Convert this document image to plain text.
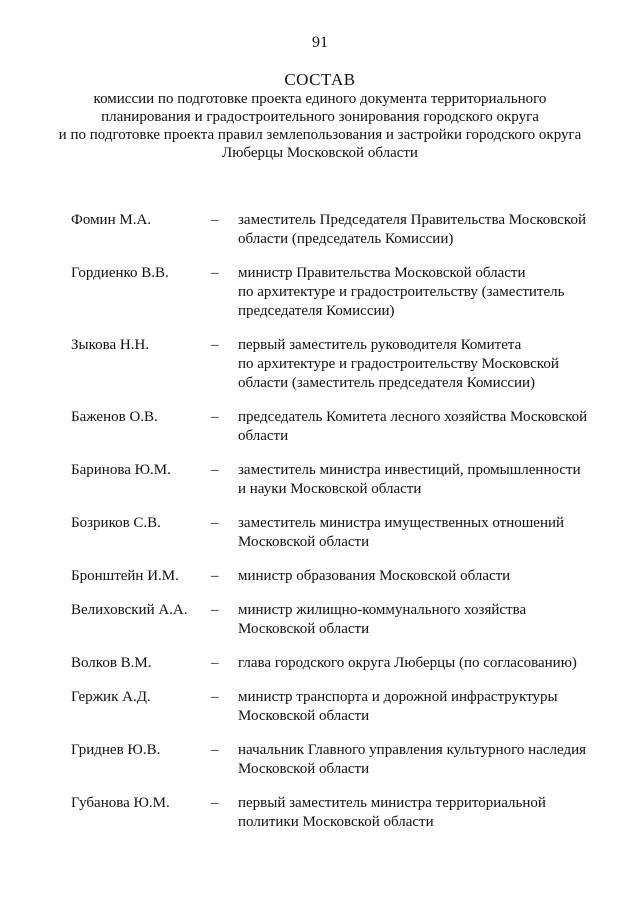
91
СОСТАВ
комиссии по подготовке проекта единого документа территориального
планирования и градостроительного зонирования городского округа
и по подготовке проекта правил землепользования и застройки городского округа
Люберцы Московской области
Фомин М.А.	–	заместитель Председателя Правительства Московской
области (председатель Комиссии)
Гордиенко В.В.	–	министр Правительства Московской области
по архитектуре и градостроительству (заместитель
председателя Комиссии)
Зыкова Н.Н.	–	первый заместитель руководителя Комитета
по архитектуре и градостроительству Московской
области (заместитель председателя Комиссии)
Баженов О.В.	–	председатель Комитета лесного хозяйства Московской
области
Баринова Ю.М.	–	заместитель министра инвестиций, промышленности
и науки Московской области
Бозриков С.В.	–	заместитель министра имущественных отношений
Московской области
Бронштейн И.М.	–	министр образования Московской области
Велиховский А.А.	–	министр жилищно-коммунального хозяйства
Московской области
Волков В.М.	–	глава городского округа Люберцы (по согласованию)
Гержик А.Д.	–	министр транспорта и дорожной инфраструктуры
Московской области
Гриднев Ю.В.	–	начальник Главного управления культурного наследия
Московской области
Губанова Ю.М.	–	первый заместитель министра территориальной
политики Московской области
